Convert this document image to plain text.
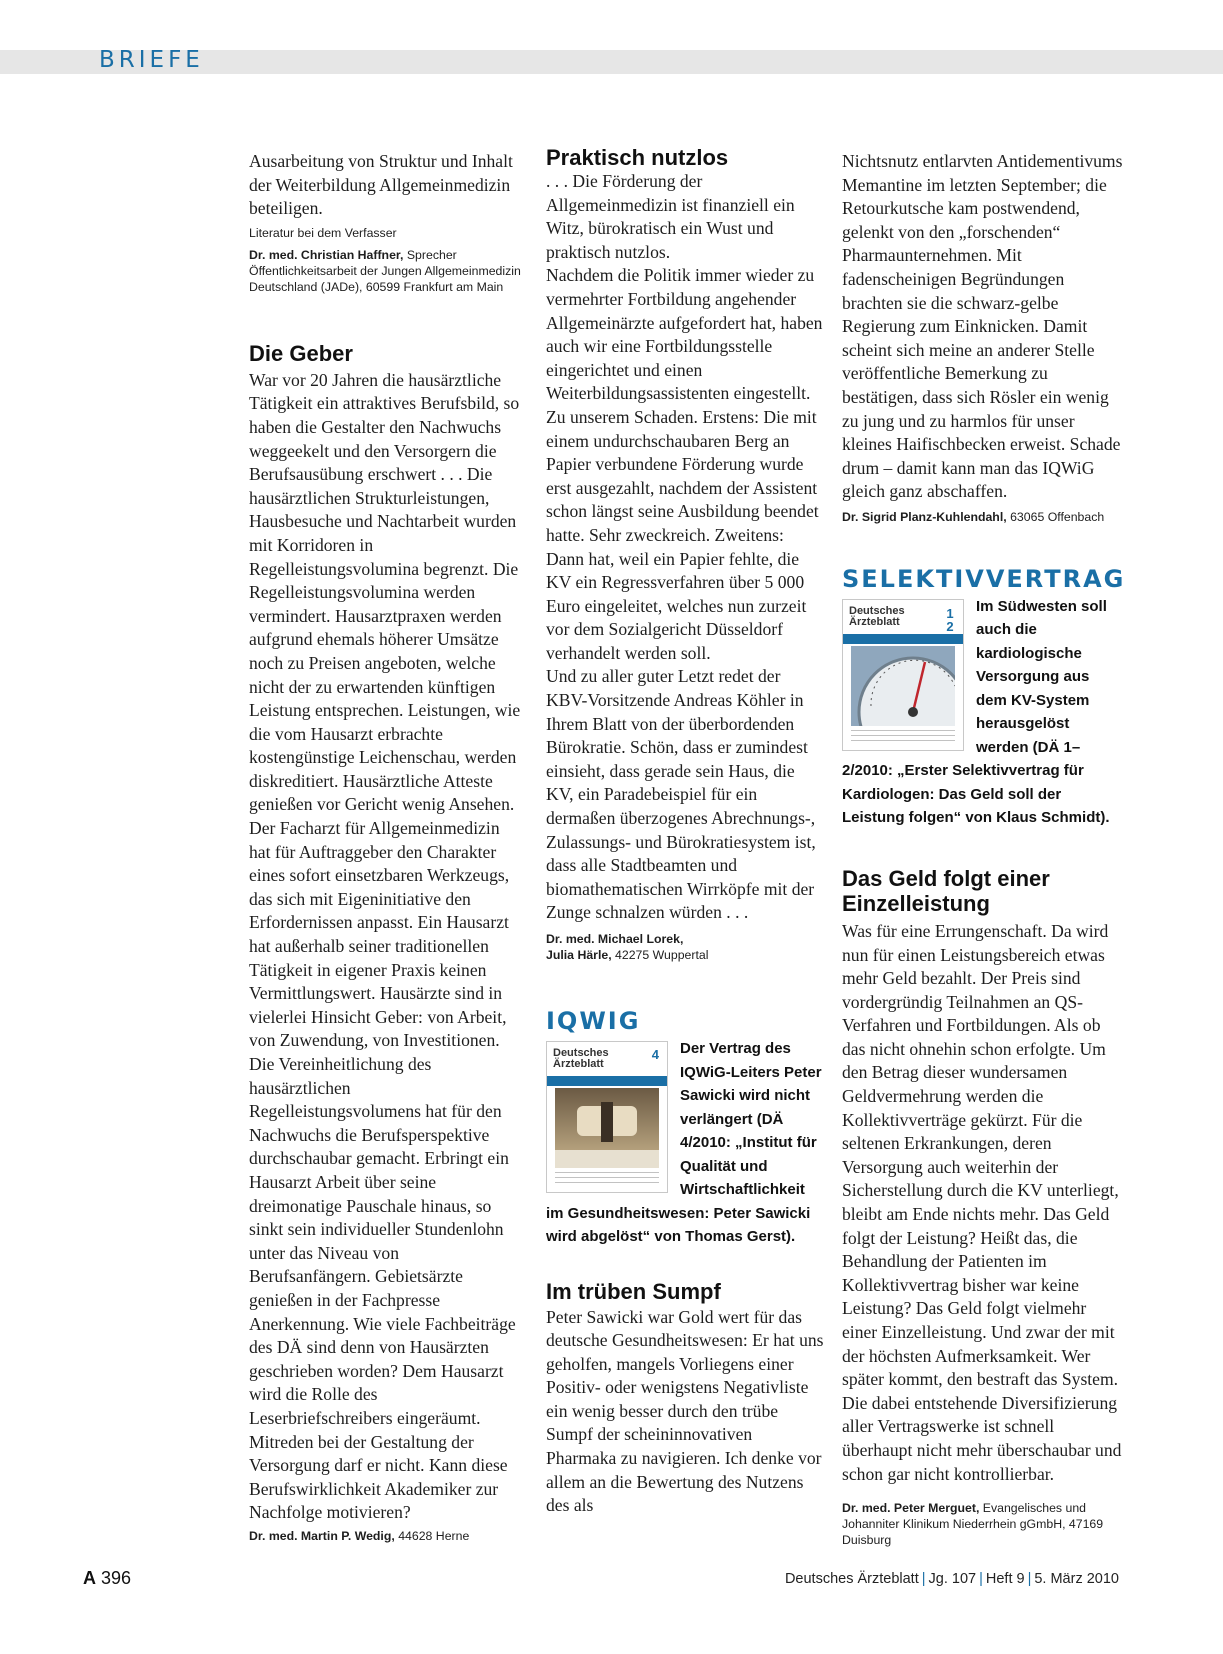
BRIEFE

Ausarbeitung von Struktur und Inhalt der Weiterbildung Allgemeinmedizin beteiligen.

Literatur bei dem Verfasser

Dr. med. Christian Haffner, Sprecher Öffentlichkeitsarbeit der Jungen Allgemeinmedizin Deutschland (JADe), 60599 Frankfurt am Main

Die Geber

War vor 20 Jahren die hausärztliche Tätigkeit ein attraktives Berufsbild, so haben die Gestalter den Nachwuchs weggeekelt und den Versorgern die Berufsausübung erschwert . . . Die hausärztlichen Strukturleistungen, Hausbesuche und Nachtarbeit wurden mit Korridoren in Regelleistungsvolumina begrenzt. Die Regelleistungsvolumina werden vermindert. Hausarztpraxen werden aufgrund ehemals höherer Umsätze noch zu Preisen angeboten, welche nicht der zu erwartenden künftigen Leistung entsprechen. Leistungen, wie die vom Hausarzt erbrachte kostengünstige Leichenschau, werden diskreditiert. Hausärztliche Atteste genießen vor Gericht wenig Ansehen. Der Facharzt für Allgemeinmedizin hat für Auftraggeber den Charakter eines sofort einsetzbaren Werkzeugs, das sich mit Eigeninitiative den Erfordernissen anpasst. Ein Hausarzt hat außerhalb seiner traditionellen Tätigkeit in eigener Praxis keinen Vermittlungswert. Hausärzte sind in vielerlei Hinsicht Geber: von Arbeit, von Zuwendung, von Investitionen. Die Vereinheitlichung des hausärztlichen Regelleistungsvolumens hat für den Nachwuchs die Berufsperspektive durchschaubar gemacht. Erbringt ein Hausarzt Arbeit über seine dreimonatige Pauschale hinaus, so sinkt sein individueller Stundenlohn unter das Niveau von Berufsanfängern. Gebietsärzte genießen in der Fachpresse Anerkennung. Wie viele Fachbeiträge des DÄ sind denn von Hausärzten geschrieben worden? Dem Hausarzt wird die Rolle des Leserbriefschreibers eingeräumt. Mitreden bei der Gestaltung der Versorgung darf er nicht. Kann diese Berufswirklichkeit Akademiker zur Nachfolge motivieren?

Dr. med. Martin P. Wedig, 44628 Herne

Praktisch nutzlos

. . . Die Förderung der Allgemeinmedizin ist finanziell ein Witz, bürokratisch ein Wust und praktisch nutzlos.

Nachdem die Politik immer wieder zu vermehrter Fortbildung angehender Allgemeinärzte aufgefordert hat, haben auch wir eine Fortbildungsstelle eingerichtet und einen Weiterbildungsassistenten eingestellt.

Zu unserem Schaden. Erstens: Die mit einem undurchschaubaren Berg an Papier verbundene Förderung wurde erst ausgezahlt, nachdem der Assistent schon längst seine Ausbildung beendet hatte. Sehr zweckreich. Zweitens: Dann hat, weil ein Papier fehlte, die KV ein Regressverfahren über 5 000 Euro eingeleitet, welches nun zurzeit vor dem Sozialgericht Düsseldorf verhandelt werden soll.

Und zu aller guter Letzt redet der KBV-Vorsitzende Andreas Köhler in Ihrem Blatt von der überbordenden Bürokratie. Schön, dass er zumindest einsieht, dass gerade sein Haus, die KV, ein Paradebeispiel für ein dermaßen überzogenes Abrechnungs-, Zulassungs- und Bürokratiesystem ist, dass alle Stadtbeamten und biomathematischen Wirrköpfe mit der Zunge schnalzen würden . . .

Dr. med. Michael Lorek,
Julia Härle, 42275 Wuppertal

IQWIG
Deutsches Ärzteblatt
4	Der Vertrag des IQWiG-Leiters Peter Sawicki wird nicht verlängert (DÄ 4/2010: „Institut für Qualität und Wirtschaftlichkeit im Gesundheitswesen: Peter Sawicki wird abgelöst“ von Thomas Gerst).

Im trüben Sumpf

Peter Sawicki war Gold wert für das deutsche Gesundheitswesen: Er hat uns geholfen, mangels Vorliegens einer Positiv- oder wenigstens Negativliste ein wenig besser durch den trübe Sumpf der scheininnovativen Pharmaka zu navigieren. Ich denke vor allem an die Bewertung des Nutzens des als

Nichtsnutz entlarvten Antidementivums Memantine im letzten September; die Retourkutsche kam postwendend, gelenkt von den „forschenden“ Pharmaunternehmen. Mit fadenscheinigen Begründungen brachten sie die schwarz-gelbe Regierung zum Einknicken. Damit scheint sich meine an anderer Stelle veröffentliche Bemerkung zu bestätigen, dass sich Rösler ein wenig zu jung und zu harmlos für unser kleines Haifischbecken erweist. Schade drum – damit kann man das IQWiG gleich ganz abschaffen.

Dr. Sigrid Planz-Kuhlendahl, 63065 Offenbach

SELEKTIVVERTRAG
Deutsches Ärzteblatt
1 2

Im Südwesten soll auch die kardiologische Versorgung aus dem KV-System herausgelöst werden (DÄ 1–2/2010: „Erster Selektivvertrag für Kardiologen: Das Geld soll der Leistung folgen“ von Klaus Schmidt).

Das Geld folgt einer Einzelleistung

Was für eine Errungenschaft. Da wird nun für einen Leistungsbereich etwas mehr Geld bezahlt. Der Preis sind vordergründig Teilnahmen an QS-Verfahren und Fortbildungen. Als ob das nicht ohnehin schon erfolgte. Um den Betrag dieser wundersamen Geldvermehrung werden die Kollektivverträge gekürzt. Für die seltenen Erkrankungen, deren Versorgung auch weiterhin der Sicherstellung durch die KV unterliegt, bleibt am Ende nichts mehr. Das Geld folgt der Leistung? Heißt das, die Behandlung der Patienten im Kollektivvertrag bisher war keine Leistung? Das Geld folgt vielmehr einer Einzelleistung. Und zwar der mit der höchsten Aufmerksamkeit. Wer später kommt, den bestraft das System. Die dabei entstehende Diversifizierung aller Vertragswerke ist schnell überhaupt nicht mehr überschaubar und schon gar nicht kontrollierbar.

Dr. med. Peter Merguet, Evangelisches und Johanniter Klinikum Niederrhein gGmbH, 47169 Duisburg

A 396	Deutsches Ärzteblatt | Jg. 107 | Heft 9 | 5. März 2010
